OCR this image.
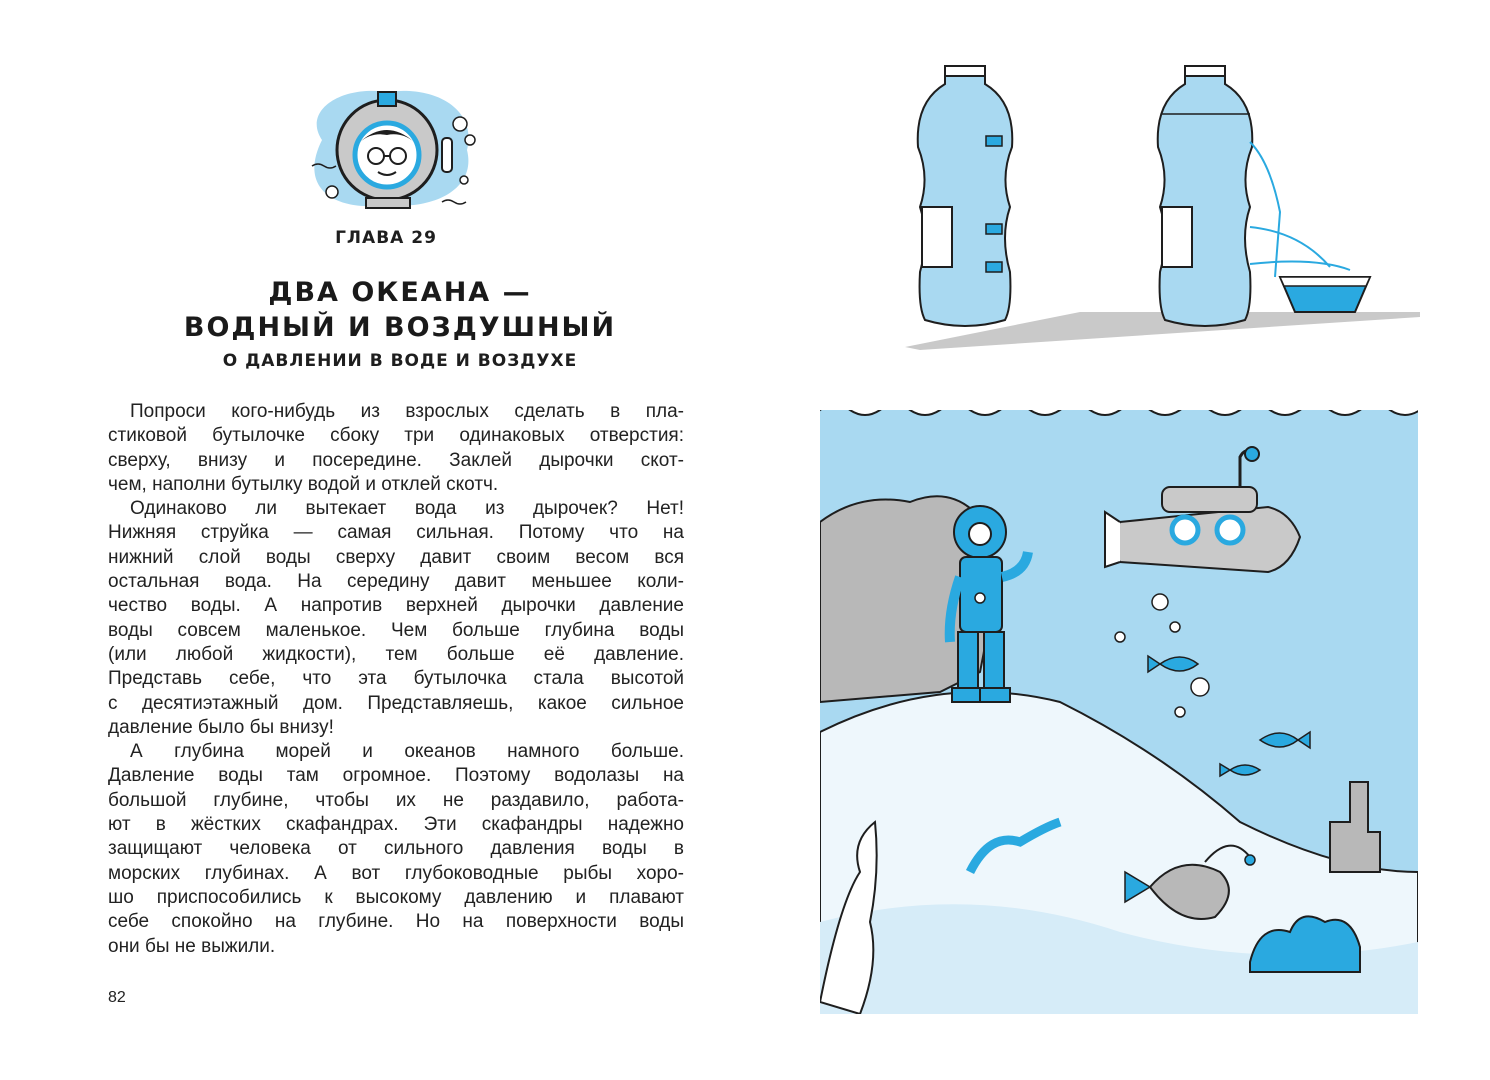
ГЛАВА 29
ДВА ОКЕАНА —
ВОДНЫЙ И ВОЗДУШНЫЙ
О ДАВЛЕНИИ В ВОДЕ И ВОЗДУХЕ
Попроси кого-нибудь из взрослых сделать в пла-
стиковой бутылочке сбоку три одинаковых отверстия:
сверху, внизу и посередине. Заклей дырочки скот-
чем, наполни бутылку водой и отклей скотч.
Одинаково ли вытекает вода из дырочек? Нет!
Нижняя струйка — самая сильная. Потому что на
нижний слой воды сверху давит своим весом вся
остальная вода. На середину давит меньшее коли-
чество воды. А напротив верхней дырочки давление
воды совсем маленькое. Чем больше глубина воды
(или любой жидкости), тем больше её давление.
Представь себе, что эта бутылочка стала высотой
с десятиэтажный дом. Представляешь, какое сильное
давление было бы внизу!
А глубина морей и океанов намного больше.
Давление воды там огромное. Поэтому водолазы на
большой глубине, чтобы их не раздавило, работа-
ют в жёстких скафандрах. Эти скафандры надежно
защищают человека от сильного давления воды в
морских глубинах. А вот глубоководные рыбы хоро-
шо приспособились к высокому давлению и плавают
себе спокойно на глубине. Но на поверхности воды
они бы не выжили.
82
